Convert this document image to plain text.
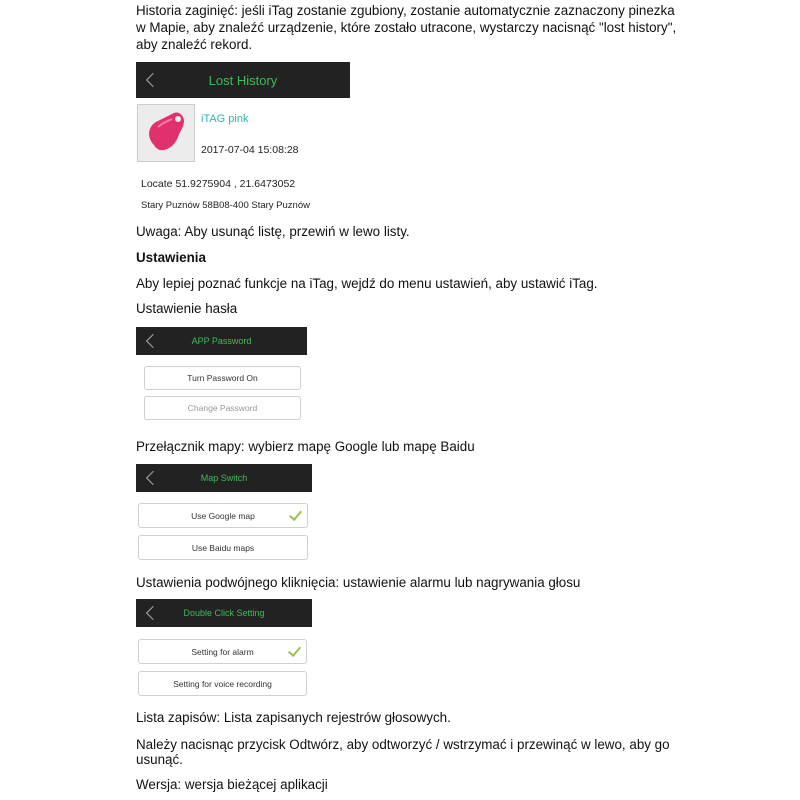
Historia zaginięć: jeśli iTag zostanie zgubiony, zostanie automatycznie zaznaczony pinezka

w Mapie, aby znaleźć urządzenie, które zostało utracone, wystarczy nacisnąć "lost history",

aby znaleźć rekord.

Lost History
iTAG pink
2017-07-04 15:08:28
Locate 51.9275904 , 21.6473052
Stary Puznów 58B08-400 Stary Puznów

Uwaga: Aby usunąć listę, przewiń w lewo listy.

Ustawienia

Aby lepiej poznać funkcje na iTag, wejdź do menu ustawień, aby ustawić iTag.

Ustawienie hasła

APP Password
Turn Password On
Change Password

Przełącznik mapy: wybierz mapę Google lub mapę Baidu

Map Switch
Use Google map
Use Baidu maps

Ustawienia podwójnego kliknięcia: ustawienie alarmu lub nagrywania głosu

Double Click Setting
Setting for alarm
Setting for voice recording

Lista zapisów: Lista zapisanych rejestrów głosowych.

Należy nacisnąc przycisk Odtwórz, aby odtworzyć / wstrzymać i przewinąć w lewo, aby go

usunąć.

Wersja: wersja bieżącej aplikacji
